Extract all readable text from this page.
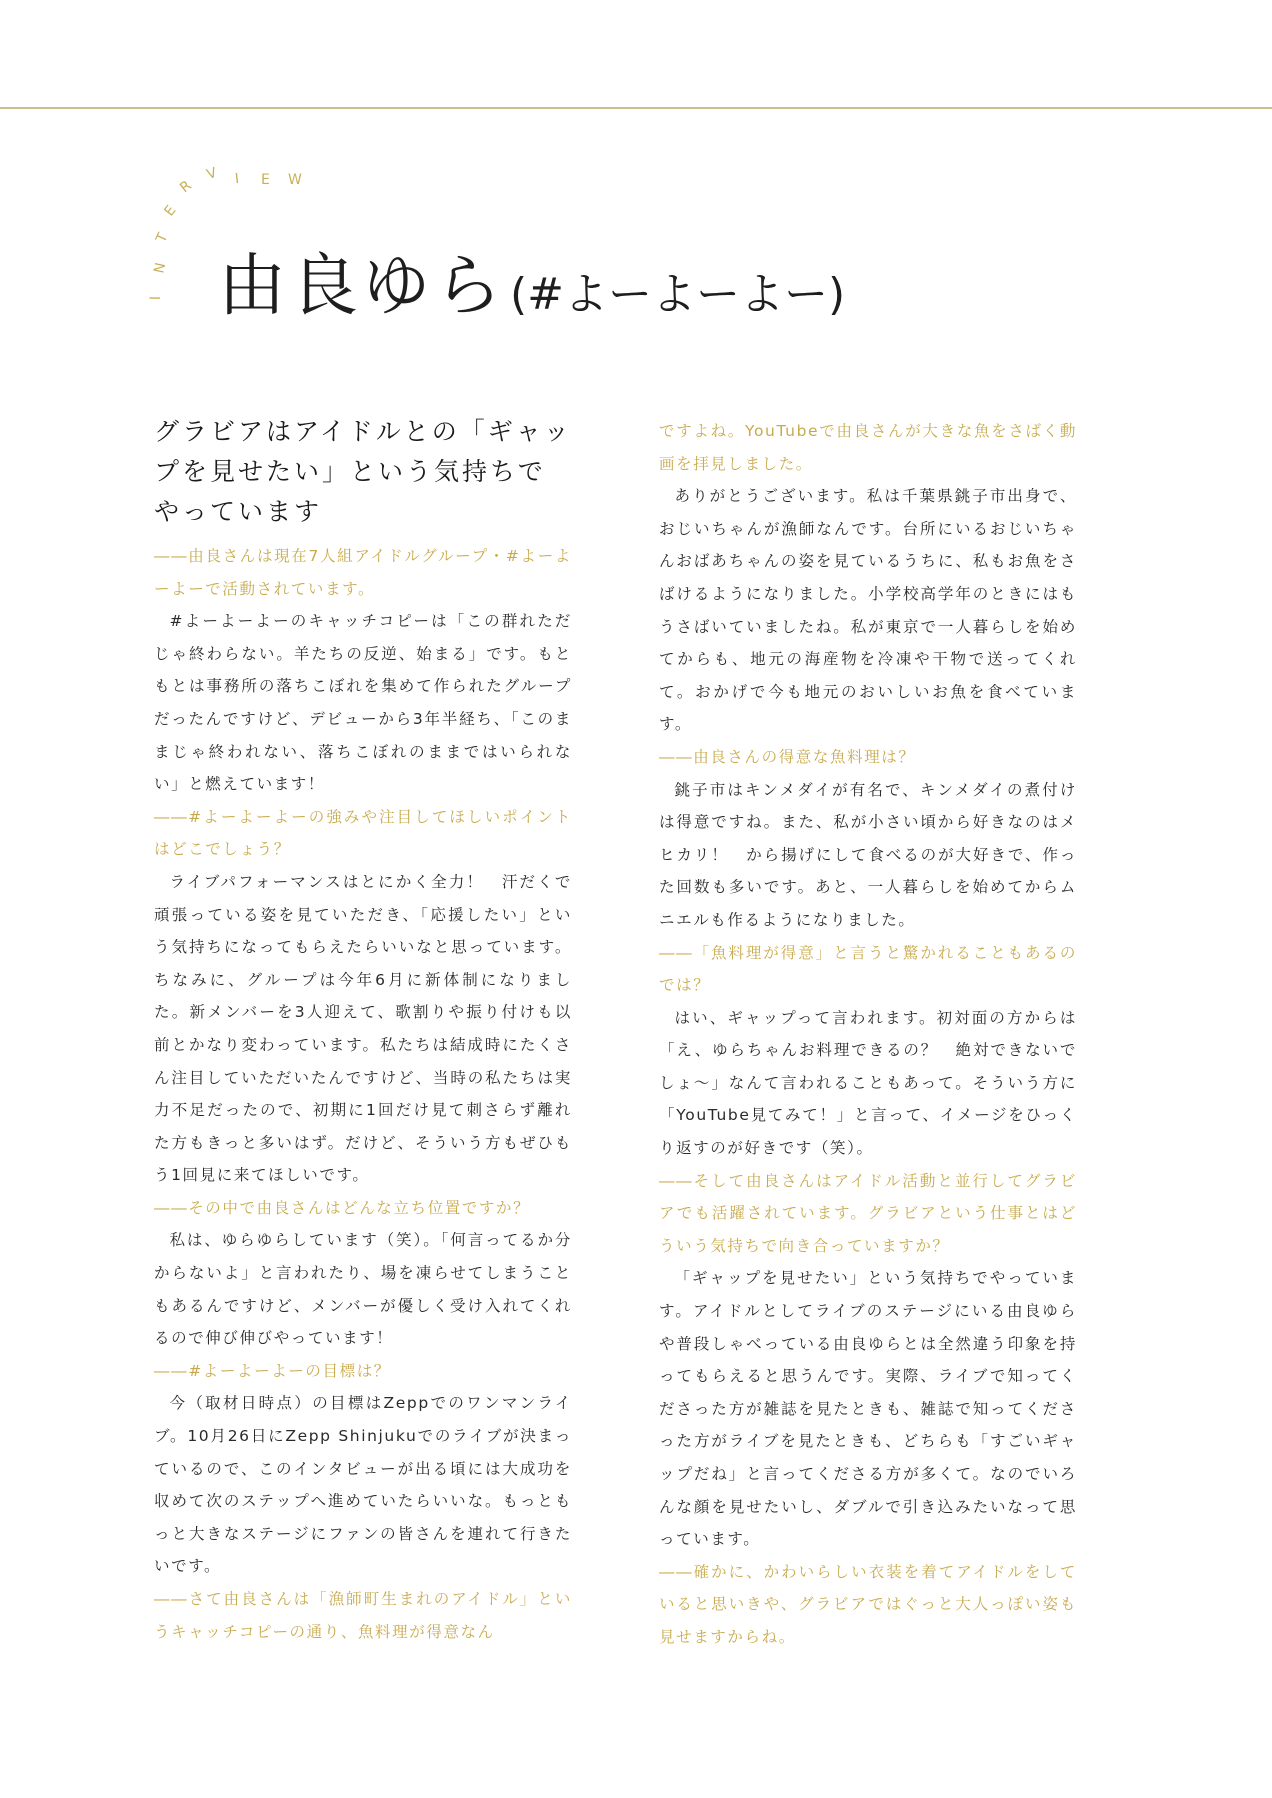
I
N
T
E
R
V I E W
由良ゆら(#よーよーよー)
グラビアはアイドルとの「ギャップを見せたい」という気持ちでやっています

――由良さんは現在7人組アイドルグループ・#よーよーよーで活動されています。

#よーよーよーのキャッチコピーは「この群れただじゃ終わらない。羊たちの反逆、始まる」です。もともとは事務所の落ちこぼれを集めて作られたグループだったんですけど、デビューから3年半経ち、「このままじゃ終われない、落ちこぼれのままではいられない」と燃えています！

――#よーよーよーの強みや注目してほしいポイントはどこでしょう？

ライブパフォーマンスはとにかく全力！　汗だくで頑張っている姿を見ていただき、「応援したい」という気持ちになってもらえたらいいなと思っています。ちなみに、グループは今年6月に新体制になりました。新メンバーを3人迎えて、歌割りや振り付けも以前とかなり変わっています。私たちは結成時にたくさん注目していただいたんですけど、当時の私たちは実力不足だったので、初期に1回だけ見て刺さらず離れた方もきっと多いはず。だけど、そういう方もぜひもう1回見に来てほしいです。

――その中で由良さんはどんな立ち位置ですか？

私は、ゆらゆらしています（笑）。「何言ってるか分からないよ」と言われたり、場を凍らせてしまうこともあるんですけど、メンバーが優しく受け入れてくれるので伸び伸びやっています！

――#よーよーよーの目標は？

今（取材日時点）の目標はZeppでのワンマンライブ。10月26日にZepp Shinjukuでのライブが決まっているので、このインタビューが出る頃には大成功を収めて次のステップへ進めていたらいいな。もっともっと大きなステージにファンの皆さんを連れて行きたいです。

――さて由良さんは「漁師町生まれのアイドル」というキャッチコピーの通り、魚料理が得意なん

ですよね。YouTubeで由良さんが大きな魚をさばく動画を拝見しました。

ありがとうございます。私は千葉県銚子市出身で、おじいちゃんが漁師なんです。台所にいるおじいちゃんおばあちゃんの姿を見ているうちに、私もお魚をさばけるようになりました。小学校高学年のときにはもうさばいていましたね。私が東京で一人暮らしを始めてからも、地元の海産物を冷凍や干物で送ってくれて。おかげで今も地元のおいしいお魚を食べています。

――由良さんの得意な魚料理は？

銚子市はキンメダイが有名で、キンメダイの煮付けは得意ですね。また、私が小さい頃から好きなのはメヒカリ！　から揚げにして食べるのが大好きで、作った回数も多いです。あと、一人暮らしを始めてからムニエルも作るようになりました。

――「魚料理が得意」と言うと驚かれることもあるのでは？

はい、ギャップって言われます。初対面の方からは「え、ゆらちゃんお料理できるの？　絶対できないでしょ～」なんて言われることもあって。そういう方に「YouTube見てみて！」と言って、イメージをひっくり返すのが好きです（笑）。

――そして由良さんはアイドル活動と並行してグラビアでも活躍されています。グラビアという仕事とはどういう気持ちで向き合っていますか？

「ギャップを見せたい」という気持ちでやっています。アイドルとしてライブのステージにいる由良ゆらや普段しゃべっている由良ゆらとは全然違う印象を持ってもらえると思うんです。実際、ライブで知ってくださった方が雑誌を見たときも、雑誌で知ってくださった方がライブを見たときも、どちらも「すごいギャップだね」と言ってくださる方が多くて。なのでいろんな顔を見せたいし、ダブルで引き込みたいなって思っています。

――確かに、かわいらしい衣装を着てアイドルをしていると思いきや、グラビアではぐっと大人っぽい姿も見せますからね。
